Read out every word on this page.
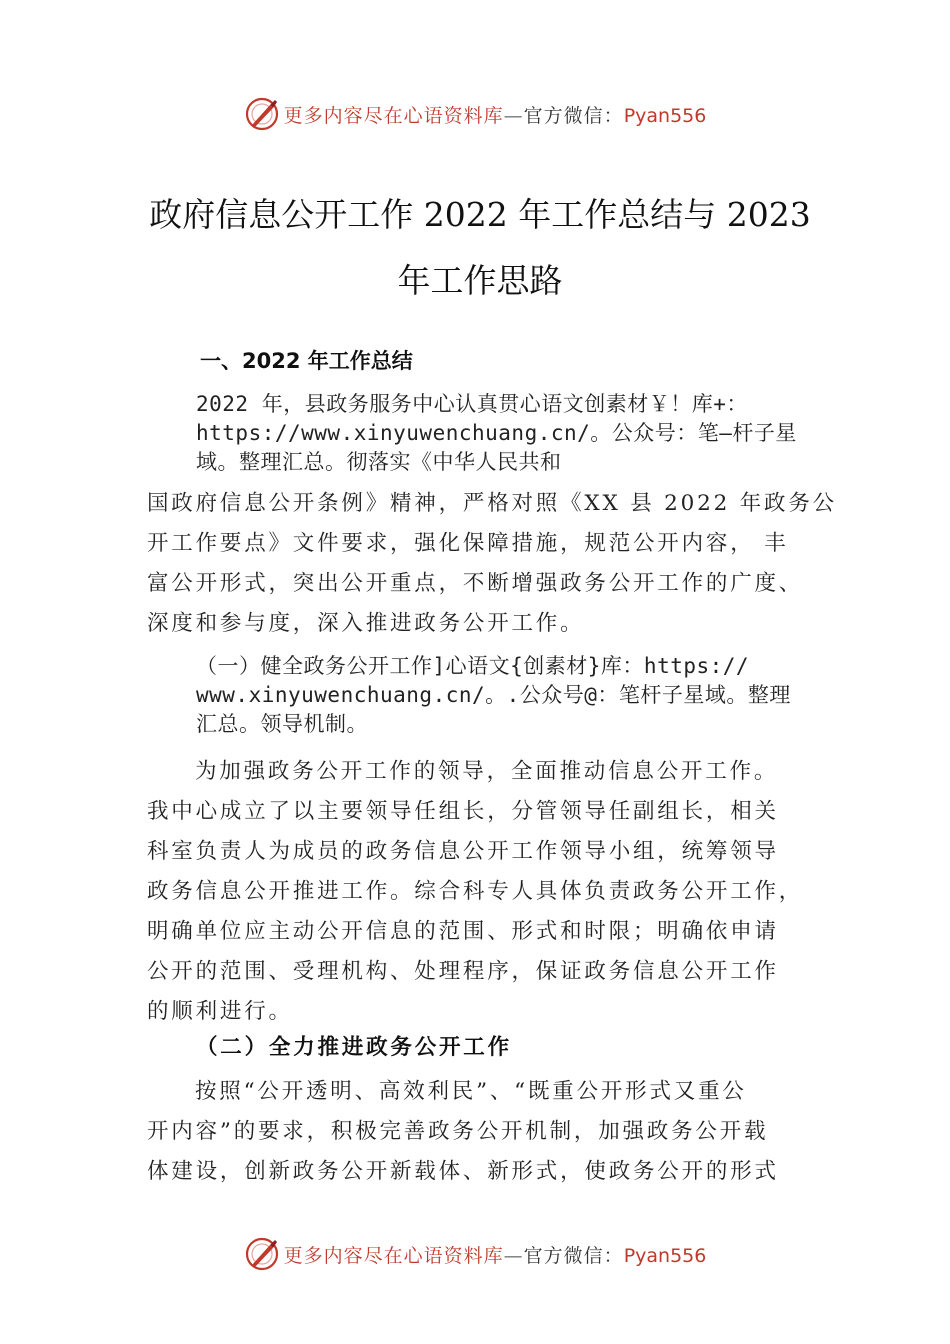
更多内容尽在心语资料库—官方微信：Pyan556
政府信息公开工作 2022 年工作总结与 2023
年工作思路
一、2022 年工作总结
2022 年，县政务服务中心认真贯心语文创素材￥！库+：
https://www.xinyuwenchuang.cn/。公众号：笔—杆子星
域。整理汇总。彻落实《中华人民共和
国政府信息公开条例》精神，严格对照《XX 县 2022 年政务公
开工作要点》文件要求，强化保障措施，规范公开内容， 丰
富公开形式，突出公开重点，不断增强政务公开工作的广度、
深度和参与度，深入推进政务公开工作。
（一）健全政务公开工作]心语文{创素材}库：https://
www.xinyuwenchuang.cn/。.公众号@：笔杆子星域。整理
汇总。领导机制。
为加强政务公开工作的领导，全面推动信息公开工作。
我中心成立了以主要领导任组长，分管领导任副组长，相关
科室负责人为成员的政务信息公开工作领导小组，统筹领导
政务信息公开推进工作。综合科专人具体负责政务公开工作，
明确单位应主动公开信息的范围、形式和时限；明确依申请
公开的范围、受理机构、处理程序，保证政务信息公开工作
的顺利进行。
（二）全力推进政务公开工作
按照“公开透明、高效利民”、“既重公开形式又重公
开内容”的要求，积极完善政务公开机制，加强政务公开载
体建设，创新政务公开新载体、新形式，使政务公开的形式
更多内容尽在心语资料库—官方微信：Pyan556
